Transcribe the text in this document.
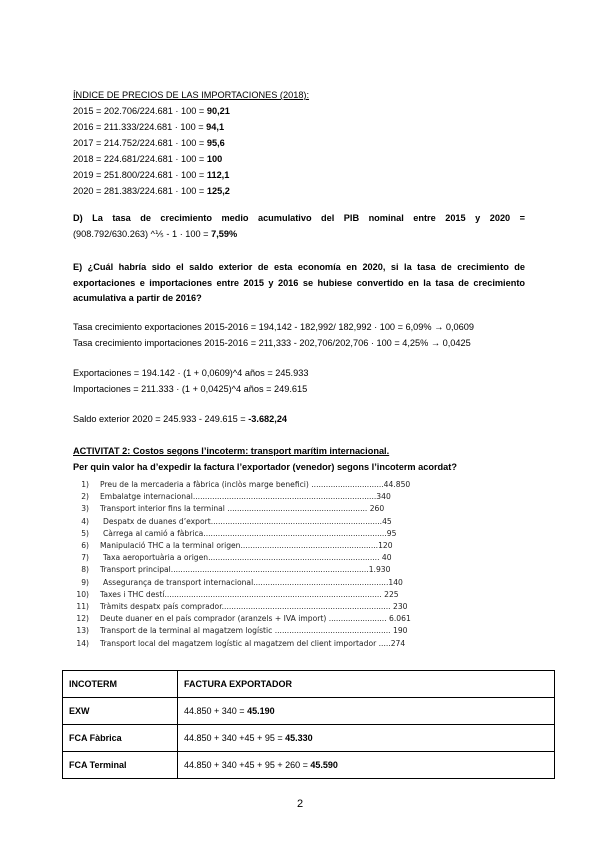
ÍNDICE DE PRECIOS DE LAS IMPORTACIONES (2018):
2015 = 202.706/224.681 · 100 = 90,21
2016 = 211.333/224.681 · 100 = 94,1
2017 = 214.752/224.681 · 100 = 95,6
2018 = 224.681/224.681 · 100 = 100
2019 = 251.800/224.681 · 100 = 112,1
2020 = 281.383/224.681 · 100 = 125,2
D) La tasa de crecimiento medio acumulativo del PIB nominal entre 2015 y 2020 =
(908.792/630.263) ^⅕ - 1 · 100 = 7,59%
E) ¿Cuál habría sido el saldo exterior de esta economía en 2020, si la tasa de crecimiento de exportaciones e importaciones entre 2015 y 2016 se hubiese convertido en la tasa de crecimiento acumulativa a partir de 2016?
Tasa crecimiento exportaciones 2015-2016 = 194,142 - 182,992/ 182,992 · 100 = 6,09% → 0,0609
Tasa crecimiento importaciones 2015-2016 = 211,333 - 202,706/202,706 · 100 = 4,25% → 0,0425
Exportaciones = 194.142 · (1 + 0,0609)^4 años = 245.933
Importaciones = 211.333 · (1 + 0,0425)^4 años = 249.615
Saldo exterior 2020 = 245.933 - 249.615 = -3.682,24
ACTIVITAT 2: Costos segons l’incoterm: transport marítim internacional.
Per quin valor ha d’expedir la factura l’exportador (venedor) segons l’incoterm acordat?
1) Preu de la mercaderia a fàbrica (inclòs marge benefici) ..............................44.850
2) Embalatge internacional............................................................................340
3) Transport interior fins la terminal .......................................................... 260
4) Despatx de duanes d’export.......................................................................45
5) Càrrega al camió a fàbrica............................................................................95
6) Manipulació THC a la terminal origen.........................................................120
7) Taxa aeroportuària a origen....................................................................... 40
8) Transport principal..................................................................................1.930
9) Assegurança de transport internacional........................................................140
10) Taxes i THC destí.......................................................................................... 225
11) Tràmits despatx país comprador...................................................................... 230
12) Deute duaner en el país comprador (aranzels + IVA import) ........................ 6.061
13) Transport de la terminal al magatzem logístic ................................................ 190
14) Transport local del magatzem logístic al magatzem del client importador .....274
INCOTERM	FACTURA EXPORTADOR
EXW	44.850 + 340 = 45.190
FCA Fàbrica	44.850 + 340 +45 + 95 = 45.330
FCA Terminal	44.850 + 340 +45 + 95 + 260 = 45.590
2
